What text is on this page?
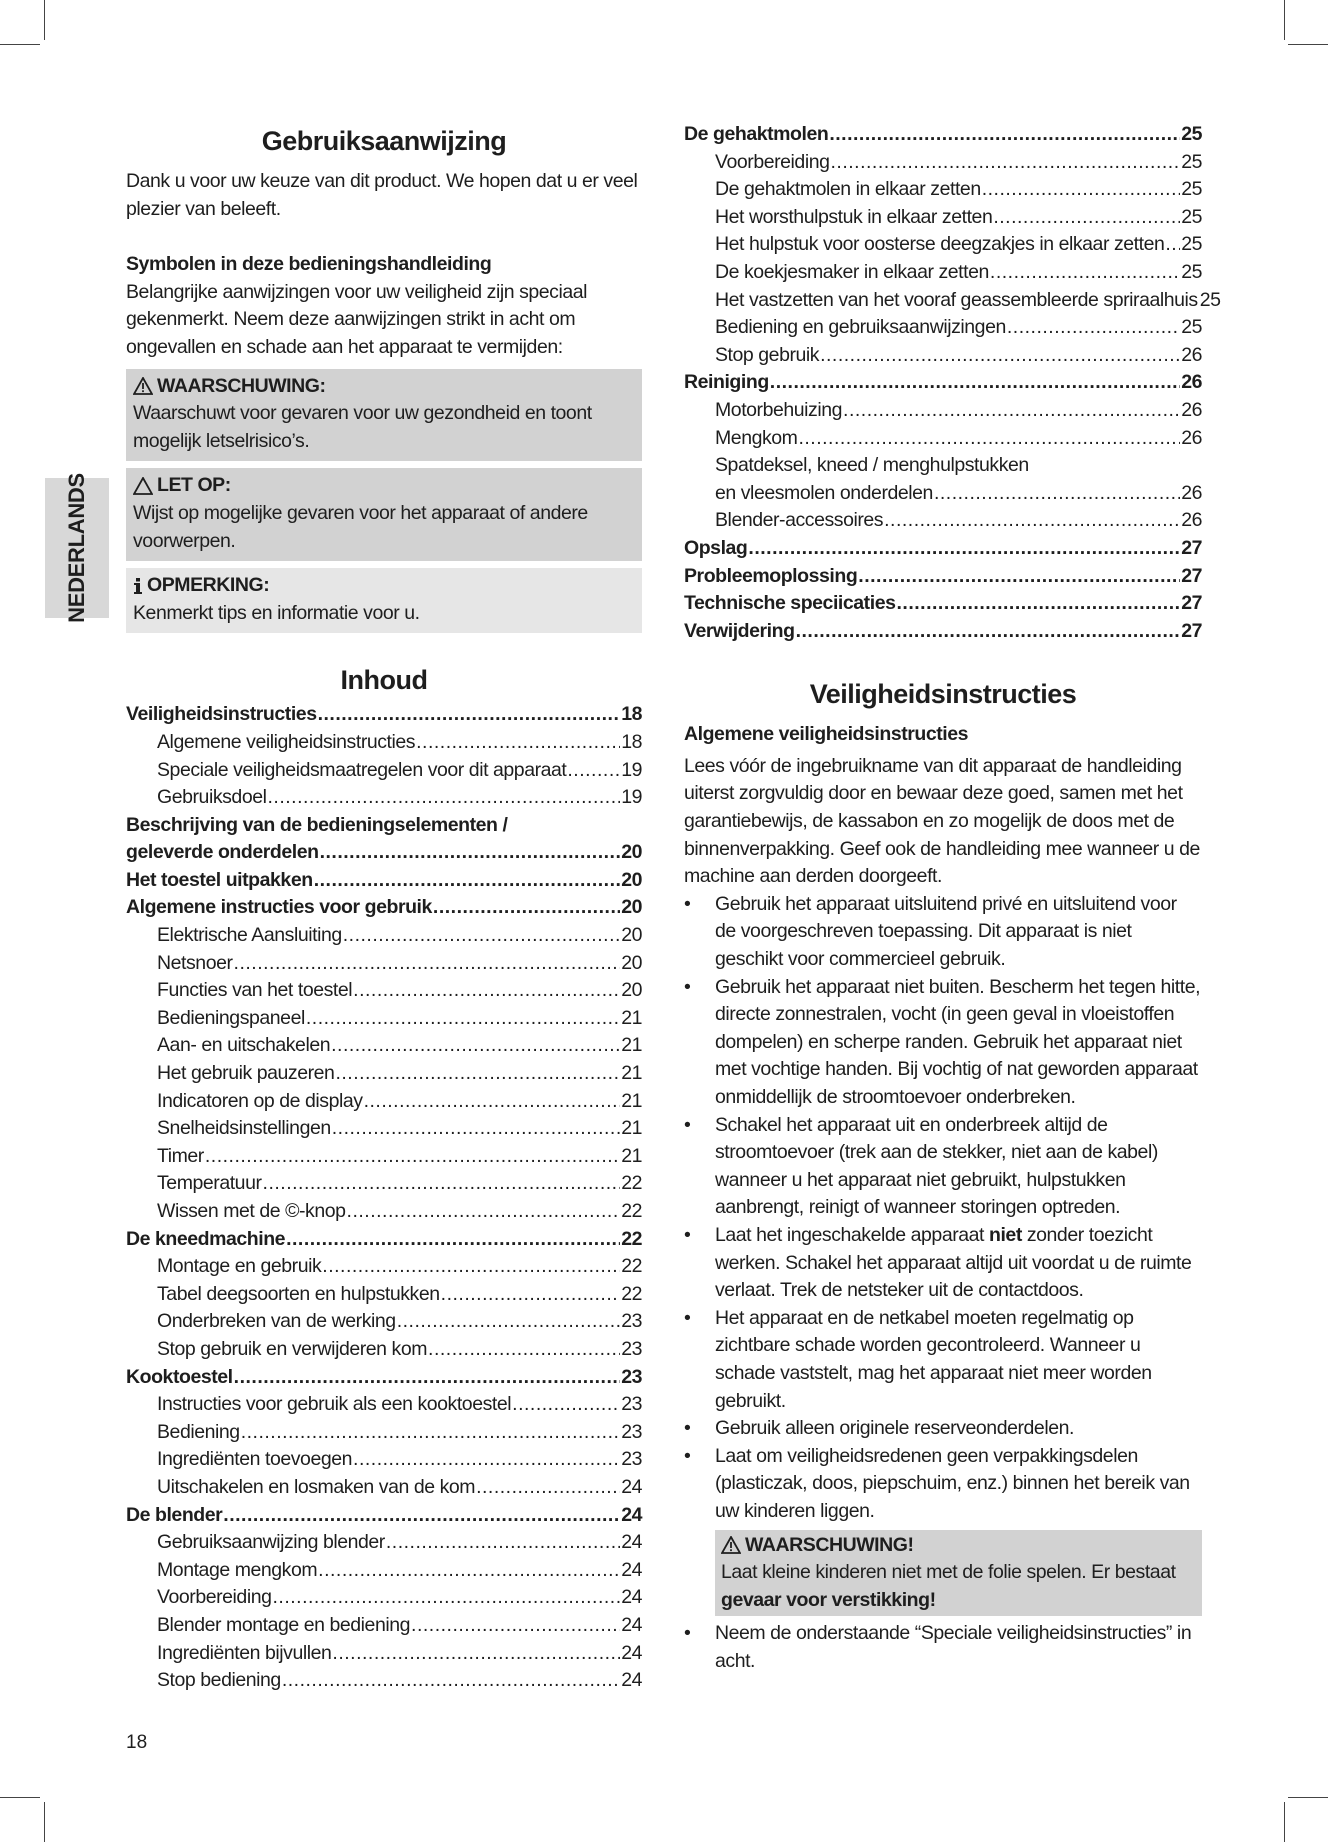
NEDERLANDS
Gebruiksaanwijzing

Dank u voor uw keuze van dit product. We hopen dat u er veel plezier van beleeft.

Symbolen in deze bedieningshandleiding

Belangrijke aanwijzingen voor uw veiligheid zijn speciaal gekenmerkt. Neem deze aanwijzingen strikt in acht om ongevallen en schade aan het apparaat te vermijden:

WAARSCHUWING:

Waarschuwt voor gevaren voor uw gezondheid en toont mogelijk letselrisico’s.

LET OP:

Wijst op mogelijke gevaren voor het apparaat of andere voorwerpen.

OPMERKING:

Kenmerkt tips en informatie voor u.

Inhoud
Veiligheidsinstructies .....	18
Algemene veiligheidsinstructies .....	18
Speciale veiligheidsmaatregelen voor dit apparaat .....	19
Gebruiksdoel .....	19
Beschrijving van de bedieningselementen /
geleverde onderdelen .....	20
Het toestel uitpakken .....	20
Algemene instructies voor gebruik .....	20
Elektrische Aansluiting .....	20
Netsnoer .....	20
Functies van het toestel .....	20
Bedieningspaneel .....	21
Aan- en uitschakelen .....	21
Het gebruik pauzeren .....	21
Indicatoren op de display .....	21
Snelheidsinstellingen .....	21
Timer .....	21
Temperatuur .....	22
Wissen met de ©-knop .....	22
De kneedmachine .....	22
Montage en gebruik .....	22
Tabel deegsoorten en hulpstukken .....	22
Onderbreken van de werking .....	23
Stop gebruik en verwijderen kom .....	23
Kooktoestel .....	23
Instructies voor gebruik als een kooktoestel .....	23
Bediening .....	23
Ingrediënten toevoegen .....	23
Uitschakelen en losmaken van de kom .....	24
De blender .....	24
Gebruiksaanwijzing blender .....	24
Montage mengkom .....	24
Voorbereiding .....	24
Blender montage en bediening .....	24
Ingrediënten bijvullen .....	24
Stop bediening .....	24
De gehaktmolen .....	25
Voorbereiding .....	25
De gehaktmolen in elkaar zetten .....	25
Het worsthulpstuk in elkaar zetten .....	25
Het hulpstuk voor oosterse deegzakjes in elkaar zetten ..... 25
De koekjesmaker in elkaar zetten .....	25
Het vastzetten van het vooraf geassembleerde spriraalhuis 25
Bediening en gebruiksaanwijzingen .....	25
Stop gebruik .....	26
Reiniging .....	26
Motorbehuizing .....	26
Mengkom .....	26
Spatdeksel, kneed / menghulpstukken
en vleesmolen onderdelen .....	26
Blender-accessoires .....	26
Opslag .....	27
Probleemoplossing .....	27
Technische speciicaties .....	27
Verwijdering .....	27
Veiligheidsinstructies

Algemene veiligheidsinstructies

Lees vóór de ingebruikname van dit apparaat de handleiding uiterst zorgvuldig door en bewaar deze goed, samen met het garantiebewijs, de kassabon en zo mogelijk de doos met de binnenverpakking. Geef ook de handleiding mee wanneer u de machine aan derden doorgeeft.

• Gebruik het apparaat uitsluitend privé en uitsluitend voor de voorgeschreven toepassing. Dit apparaat is niet geschikt voor commercieel gebruik.
• Gebruik het apparaat niet buiten. Bescherm het tegen hitte, directe zonnestralen, vocht (in geen geval in vloeistoffen dompelen) en scherpe randen. Gebruik het apparaat niet met vochtige handen. Bij vochtig of nat geworden apparaat onmiddellijk de stroomtoevoer onderbreken.
• Schakel het apparaat uit en onderbreek altijd de stroomtoevoer (trek aan de stekker, niet aan de kabel) wanneer u het apparaat niet gebruikt, hulpstukken aanbrengt, reinigt of wanneer storingen optreden.
• Laat het ingeschakelde apparaat niet zonder toezicht werken. Schakel het apparaat altijd uit voordat u de ruimte verlaat. Trek de netsteker uit de contactdoos.
• Het apparaat en de netkabel moeten regelmatig op zichtbare schade worden gecontroleerd. Wanneer u schade vaststelt, mag het apparaat niet meer worden gebruikt.
• Gebruik alleen originele reserveonderdelen.
• Laat om veiligheidsredenen geen verpakkingsdelen (plasticzak, doos, piepschuim, enz.) binnen het bereik van uw kinderen liggen.
WAARSCHUWING!

Laat kleine kinderen niet met de folie spelen. Er bestaat

gevaar voor verstikking!

• Neem de onderstaande “Speciale veiligheidsinstructies” in acht.
18
